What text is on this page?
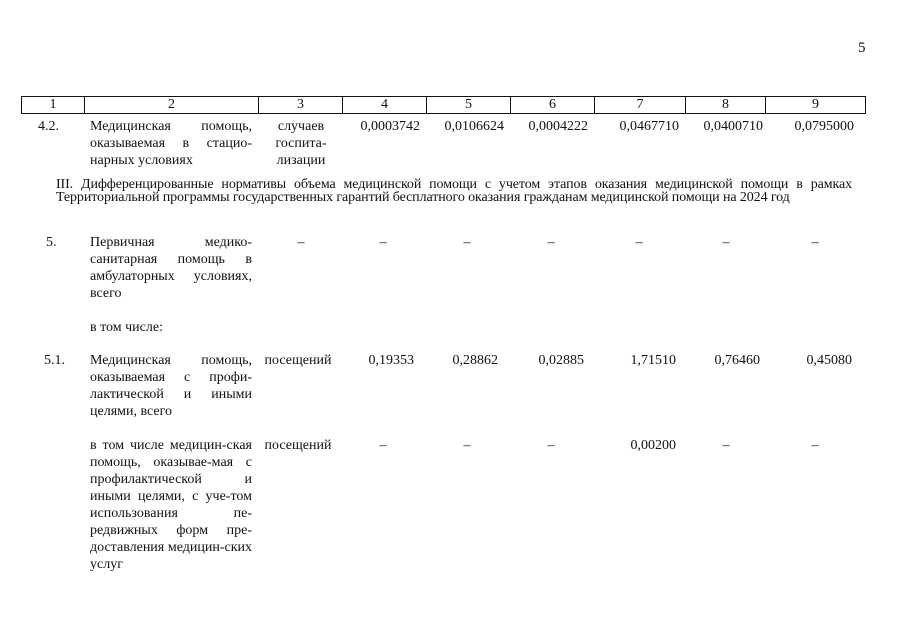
5
1	2	3	4	5	6	7	8	9
4.2. Медицинская помощь, оказываемая в стацио-нарных условиях
случаев госпита-лизации
0,0003742	0,0106624	0,0004222	0,0467710	0,0400710	0,0795000
III. Дифференцированные нормативы объема медицинской помощи с учетом этапов оказания медицинской помощи в рамках Территориальной программы государственных гарантий бесплатного оказания гражданам медицинской помощи на 2024 год
5. Первичная медико-санитарная помощь в амбулаторных условиях, всего
–	–	–	–	–	–	–
в том числе:
5.1. Медицинская помощь, оказываемая с профи-лактической и иными целями, всего
посещений	0,19353	0,28862	0,02885	1,71510	0,76460	0,45080
в том числе медицин-ская помощь, оказывае-мая с профилактической и иными целями, с уче-том использования пе-редвижных форм пре-доставления медицин-ских услуг
посещений	–	–	–	0,00200	–	–
